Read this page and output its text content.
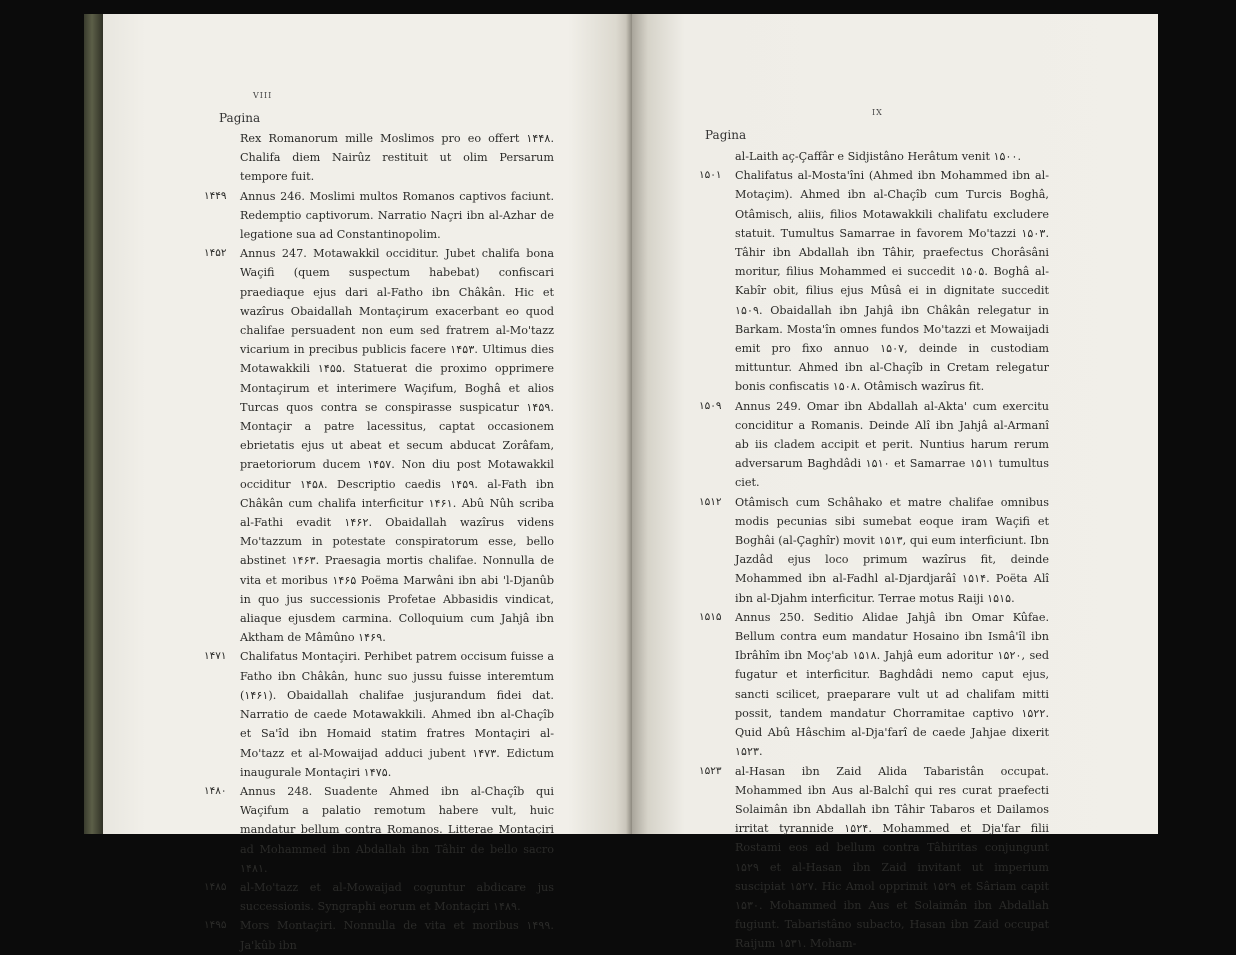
VIII
Pagina
Rex Romanorum mille Moslimos pro eo offert ۱۴۴۸. Chalifa diem Nairûz restituit ut olim Persarum tempore fuit.
۱۴۴۹ Annus 246. Moslimi multos Romanos captivos faciunt. Redemptio captivorum. Narratio Naçri ibn al-Azhar de legatione sua ad Constantinopolim.
۱۴۵۲ Annus 247. Motawakkil occiditur. Jubet chalifa bona Waçifi (quem suspectum habebat) confiscari praediaque ejus dari al-Fatho ibn Châkân. Hic et wazîrus Obaidallah Montaçirum exacerbant eo quod chalifae persuadent non eum sed fratrem al-Mo'tazz vicarium in precibus publicis facere ۱۴۵۳. Ultimus dies Motawakkili ۱۴۵۵. Statuerat die proximo opprimere Montaçirum et interimere Waçifum, Boghâ et alios Turcas quos contra se conspirasse suspicatur ۱۴۵۹. Montaçir a patre lacessitus, captat occasionem ebrietatis ejus ut abeat et secum abducat Zorâfam, praetoriorum ducem ۱۴۵۷. Non diu post Motawakkil occiditur ۱۴۵۸. Descriptio caedis ۱۴۵۹. al-Fath ibn Châkân cum chalifa interficitur ۱۴۶۱. Abû Nûh scriba al-Fathi evadit ۱۴۶۲. Obaidallah wazîrus videns Mo'tazzum in potestate conspiratorum esse, bello abstinet ۱۴۶۳. Praesagia mortis chalifae. Nonnulla de vita et moribus ۱۴۶۵ Poëma Marwâni ibn abi 'l-Djanûb in quo jus successionis Profetae Abbasidis vindicat, aliaque ejusdem carmina. Colloquium cum Jahjâ ibn Aktham de Mâmûno ۱۴۶۹.
۱۴۷۱ Chalifatus Montaçiri. Perhibet patrem occisum fuisse a Fatho ibn Châkân, hunc suo jussu fuisse interemtum (۱۴۶۱). Obaidallah chalifae jusjurandum fidei dat. Narratio de caede Motawakkili. Ahmed ibn al-Chaçîb et Sa'îd ibn Homaid statim fratres Montaçiri al-Mo'tazz et al-Mowaijad adduci jubent ۱۴۷۳. Edictum inaugurale Montaçiri ۱۴۷۵.
۱۴۸۰ Annus 248. Suadente Ahmed ibn al-Chaçîb qui Waçifum a palatio remotum habere vult, huic mandatur bellum contra Romanos. Litterae Montaçiri ad Mohammed ibn Abdallah ibn Tâhir de bello sacro ۱۴۸۱.
۱۴۸۵ al-Mo'tazz et al-Mowaijad coguntur abdicare jus successionis. Syngraphi eorum et Montaçiri ۱۴۸۹.
۱۴۹۵ Mors Montaçiri. Nonnulla de vita et moribus ۱۴۹۹. Ja'kûb ibn
IX
Pagina
al-Laith aç-Çaffâr e Sidjistâno Herâtum venit ۱۵۰۰.
۱۵۰۱ Chalifatus al-Mosta'îni (Ahmed ibn Mohammed ibn al-Motaçim). Ahmed ibn al-Chaçîb cum Turcis Boghâ, Otâmisch, aliis, filios Motawakkili chalifatu excludere statuit. Tumultus Samarrae in favorem Mo'tazzi ۱۵۰۳. Tâhir ibn Abdallah ibn Tâhir, praefectus Chorâsâni moritur, filius Mohammed ei succedit ۱۵۰۵. Boghâ al-Kabîr obit, filius ejus Mûsâ ei in dignitate succedit ۱۵۰۹. Obaidallah ibn Jahjâ ibn Châkân relegatur in Barkam. Mosta'în omnes fundos Mo'tazzi et Mowaijadi emit pro fixo annuo ۱۵۰۷, deinde in custodiam mittuntur. Ahmed ibn al-Chaçîb in Cretam relegatur bonis confiscatis ۱۵۰۸. Otâmisch wazîrus fit.
۱۵۰۹ Annus 249. Omar ibn Abdallah al-Akta' cum exercitu conciditur a Romanis. Deinde Alî ibn Jahjâ al-Armanî ab iis cladem accipit et perit. Nuntius harum rerum adversarum Baghdâdi ۱۵۱۰ et Samarrae ۱۵۱۱ tumultus ciet.
۱۵۱۲ Otâmisch cum Schâhako et matre chalifae omnibus modis pecunias sibi sumebat eoque iram Waçifi et Boghâi (al-Çaghîr) movit ۱۵۱۳, qui eum interficiunt. Ibn Jazdâd ejus loco primum wazîrus fit, deinde Mohammed ibn al-Fadhl al-Djardjarâî ۱۵۱۴. Poëta Alî ibn al-Djahm interficitur. Terrae motus Raiji ۱۵۱۵.
۱۵۱۵ Annus 250. Seditio Alidae Jahjâ ibn Omar Kûfae. Bellum contra eum mandatur Hosaino ibn Ismâ'îl ibn Ibrâhîm ibn Moç'ab ۱۵۱۸. Jahjâ eum adoritur ۱۵۲۰, sed fugatur et interficitur. Baghdâdi nemo caput ejus, sancti scilicet, praeparare vult ut ad chalifam mitti possit, tandem mandatur Chorramitae captivo ۱۵۲۲. Quid Abû Hâschim al-Dja'farî de caede Jahjae dixerit ۱۵۲۳.
۱۵۲۳ al-Hasan ibn Zaid Alida Tabaristân occupat. Mohammed ibn Aus al-Balchî qui res curat praefecti Solaimân ibn Abdallah ibn Tâhir Tabaros et Dailamos irritat tyrannide ۱۵۲۴. Mohammed et Dja'far filii Rostami eos ad bellum contra Tâhiritas conjungunt ۱۵۲۹ et al-Hasan ibn Zaid invitant ut imperium suscipiat ۱۵۲۷. Hic Amol opprimit ۱۵۲۹ et Sâriam capit ۱۵۳۰. Mohammed ibn Aus et Solaimân ibn Abdallah fugiunt. Tabaristâno subacto, Hasan ibn Zaid occupat Raijum ۱۵۳۱. Moham-
